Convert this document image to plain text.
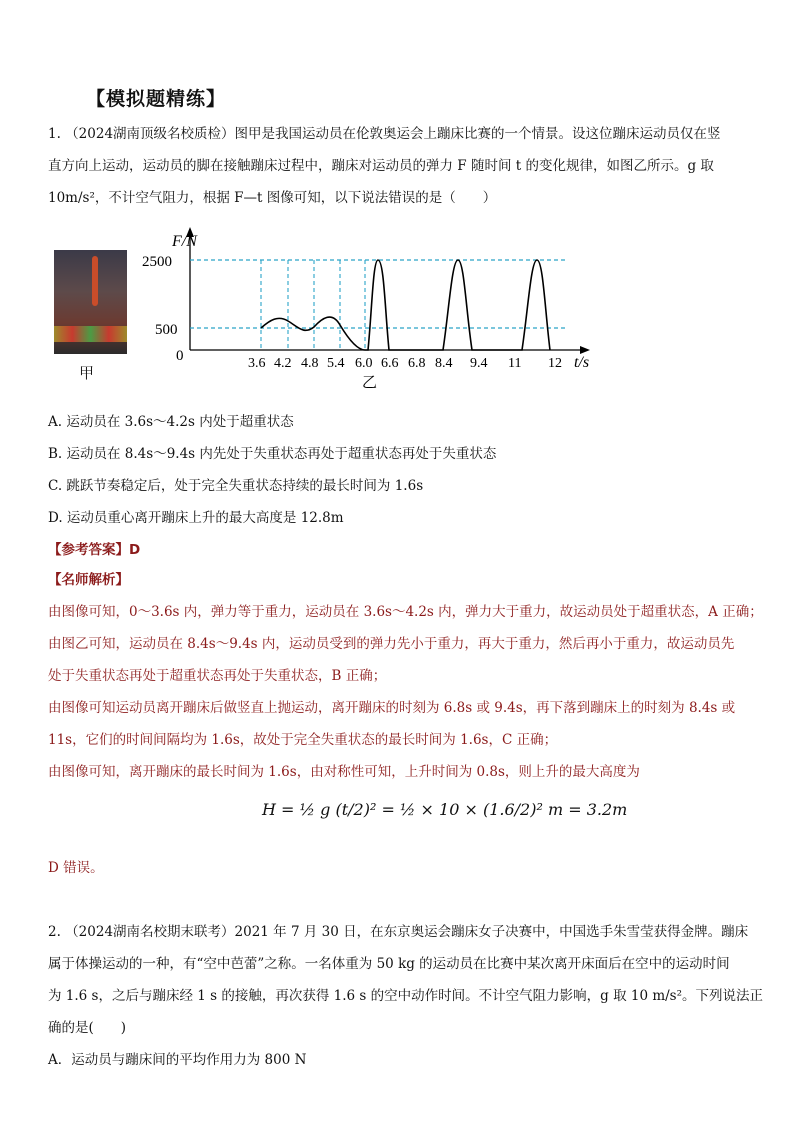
【模拟题精练】
1. （2024湖南顶级名校质检）图甲是我国运动员在伦敦奥运会上蹦床比赛的一个情景。设这位蹦床运动员仅在竖
直方向上运动，运动员的脚在接触蹦床过程中，蹦床对运动员的弹力 F 随时间 t 的变化规律，如图乙所示。g 取
10m/s²，不计空气阻力，根据 F—t 图像可知，以下说法错误的是（　　）
甲
F/N
2500
500
0	3.6 4.2 4.8 5.4 6.0 6.6 6.8 8.4 9.4 11 12 t/s
乙
A. 运动员在 3.6s～4.2s 内处于超重状态
B. 运动员在 8.4s～9.4s 内先处于失重状态再处于超重状态再处于失重状态
C. 跳跃节奏稳定后，处于完全失重状态持续的最长时间为 1.6s
D. 运动员重心离开蹦床上升的最大高度是 12.8m
【参考答案】D
【名师解析】
由图像可知，0～3.6s 内，弹力等于重力，运动员在 3.6s～4.2s 内，弹力大于重力，故运动员处于超重状态，A 正确；
由图乙可知，运动员在 8.4s～9.4s 内，运动员受到的弹力先小于重力，再大于重力，然后再小于重力，故运动员先
处于失重状态再处于超重状态再处于失重状态，B 正确；
由图像可知运动员离开蹦床后做竖直上抛运动，离开蹦床的时刻为 6.8s 或 9.4s，再下落到蹦床上的时刻为 8.4s 或
11s，它们的时间间隔均为 1.6s，故处于完全失重状态的最长时间为 1.6s，C 正确；
由图像可知，离开蹦床的最长时间为 1.6s，由对称性可知，上升时间为 0.8s，则上升的最大高度为
H = ½ g (t/2)² = ½ × 10 × (1.6/2)² m = 3.2m
D 错误。
2. （2024湖南名校期末联考）2021 年 7 月 30 日，在东京奥运会蹦床女子决赛中，中国选手朱雪莹获得金牌。蹦床
属于体操运动的一种，有“空中芭蕾”之称。一名体重为 50 kg 的运动员在比赛中某次离开床面后在空中的运动时间
为 1.6 s，之后与蹦床经 1 s 的接触，再次获得 1.6 s 的空中动作时间。不计空气阻力影响，g 取 10 m/s²。下列说法正
确的是(　　)
A．运动员与蹦床间的平均作用力为 800 N
